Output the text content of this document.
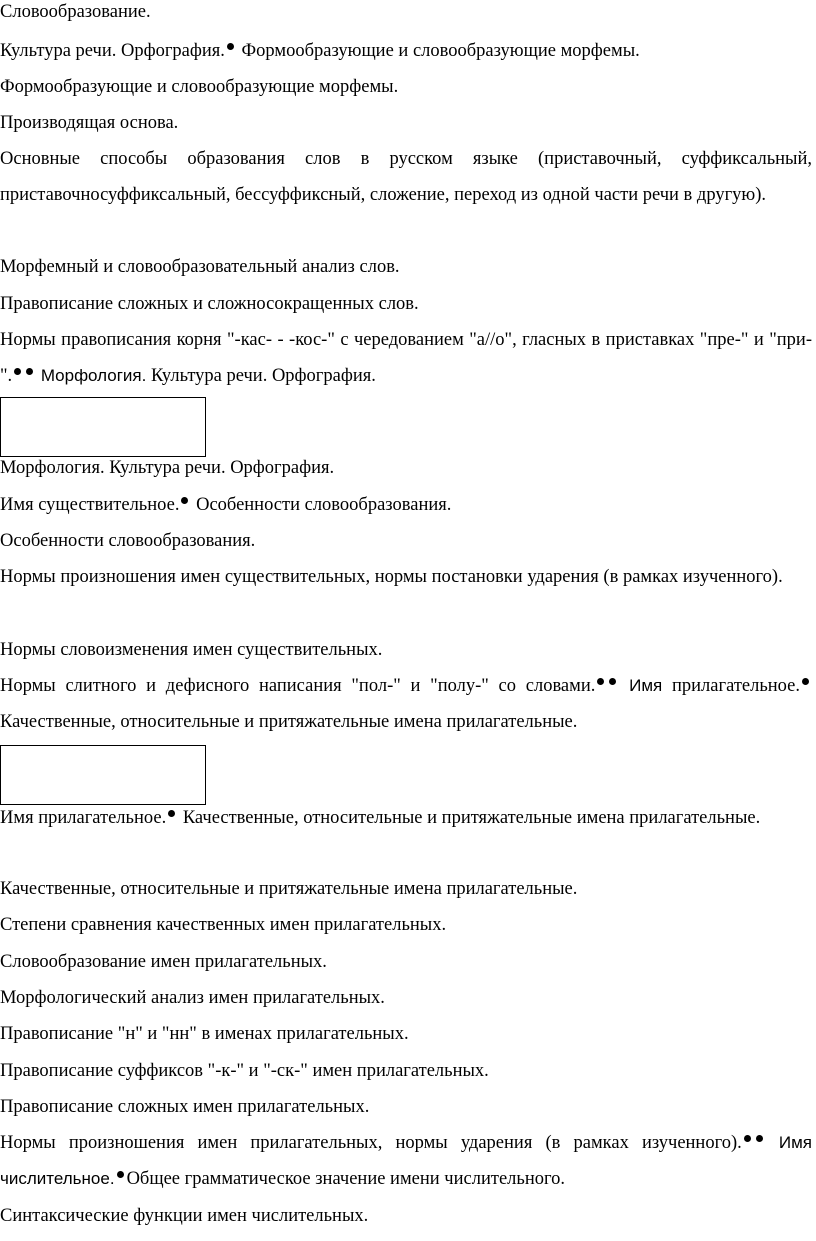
Словообразование.

Культура речи. Орфография. Формообразующие и словообразующие морфемы.

Формообразующие и словообразующие морфемы.

Производящая основа.

Основные способы образования слов в русском языке (приставочный, суффиксальный, приставочносуффиксальный, бессуффиксный, сложение, переход из одной части речи в другую).

Морфемный и словообразовательный анализ слов.

Правописание сложных и сложносокращенных слов.

Нормы правописания корня "-кас- - -кос-" с чередованием "а//о", гласных в приставках "пре-" и "при-". Морфология. Культура речи. Орфография.

Морфология. Культура речи. Орфография.

Имя существительное. Особенности словообразования.

Особенности словообразования.

Нормы произношения имен существительных, нормы постановки ударения (в рамках изученного).

Нормы словоизменения имен существительных.

Нормы слитного и дефисного написания "пол-" и "полу-" со словами. Имя прилагательное. Качественные, относительные и притяжательные имена прилагательные.

Имя прилагательное. Качественные, относительные и притяжательные имена прилагательные.

Качественные, относительные и притяжательные имена прилагательные.

Степени сравнения качественных имен прилагательных.

Словообразование имен прилагательных.

Морфологический анализ имен прилагательных.

Правописание "н" и "нн" в именах прилагательных.

Правописание суффиксов "-к-" и "-ск-" имен прилагательных.

Правописание сложных имен прилагательных.

Нормы произношения имен прилагательных, нормы ударения (в рамках изученного). Имя числительное. Общее грамматическое значение имени числительного.

Синтаксические функции имен числительных.
